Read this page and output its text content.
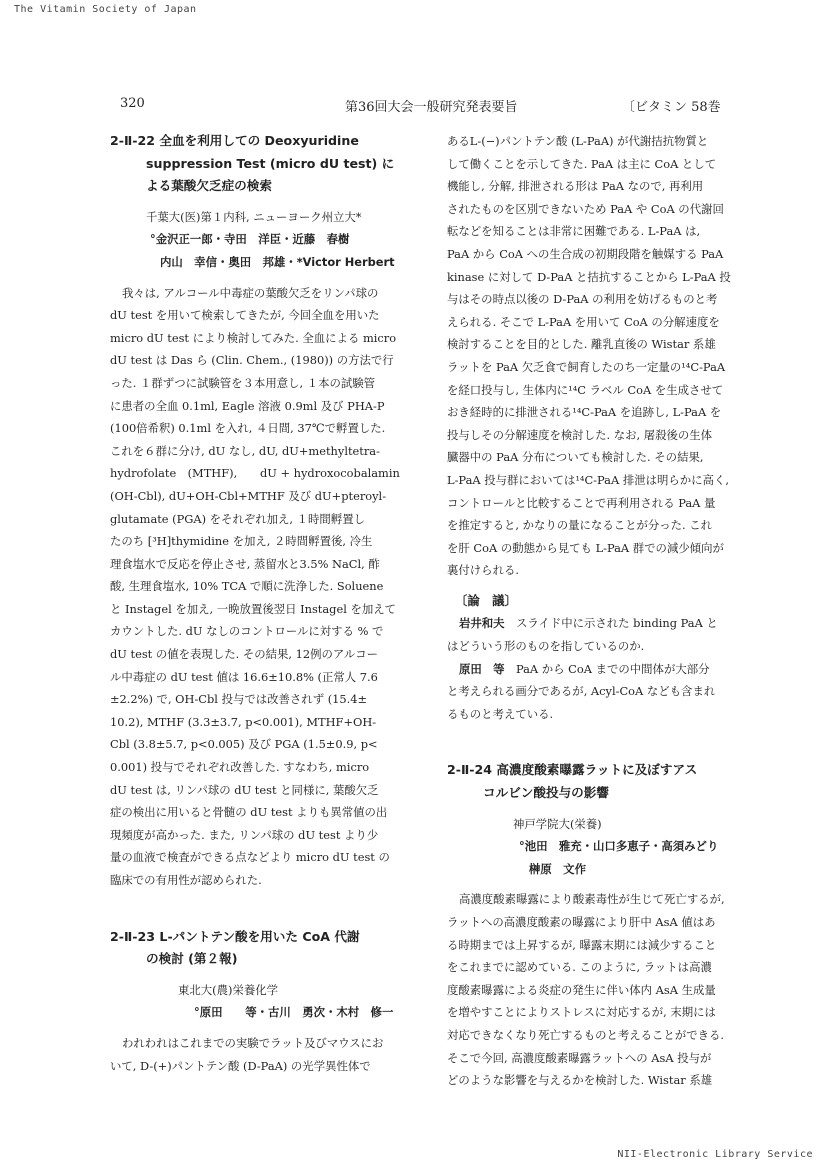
The Vitamin Society of Japan
320	第36回大会一般研究発表要旨	〔ビタミン 58巻
2-Ⅱ-22 全血を利用しての Deoxyuridine
suppression Test (micro dU test) に
よる葉酸欠乏症の検索
千葉大(医)第１内科, ニューヨーク州立大*
°金沢正一郎・寺田　洋臣・近藤　春樹
内山　幸信・奥田　邦雄・*Victor Herbert
我々は, アルコール中毒症の葉酸欠乏をリンパ球の
dU test を用いて検索してきたが, 今回全血を用いた
micro dU test により検討してみた. 全血による micro
dU test は Das ら (Clin. Chem., (1980)) の方法で行
った. １群ずつに試験管を３本用意し, １本の試験管
に患者の全血 0.1ml, Eagle 溶液 0.9ml 及び PHA-P
(100倍希釈) 0.1ml を入れ, ４日間, 37℃で孵置した.
これを６群に分け, dU なし, dU, dU+methyltetra-
hydrofolate　(MTHF),　　dU + hydroxocobalamin
(OH-Cbl), dU+OH-Cbl+MTHF 及び dU+pteroyl-
glutamate (PGA) をそれぞれ加え, １時間孵置し
たのち [³H]thymidine を加え, ２時間孵置後, 冷生
理食塩水で反応を停止させ, 蒸留水と3.5% NaCl, 酢
酸, 生理食塩水, 10% TCA で順に洗浄した. Soluene
と Instagel を加え, 一晩放置後翌日 Instagel を加えて
カウントした. dU なしのコントロールに対する % で
dU test の値を表現した. その結果, 12例のアルコー
ル中毒症の dU test 値は 16.6±10.8% (正常人 7.6
±2.2%) で, OH-Cbl 投与では改善されず (15.4±
10.2), MTHF (3.3±3.7, p<0.001), MTHF+OH-
Cbl (3.8±5.7, p<0.005) 及び PGA (1.5±0.9, p<
0.001) 投与でそれぞれ改善した. すなわち, micro
dU test は, リンパ球の dU test と同様に, 葉酸欠乏
症の検出に用いると骨髄の dU test よりも異常値の出
現頻度が高かった. また, リンパ球の dU test より少
量の血液で検査ができる点などより micro dU test の
臨床での有用性が認められた.
2-Ⅱ-23 L-パントテン酸を用いた CoA 代謝
の検討 (第２報)
東北大(農)栄養化学
°原田　　等・古川　勇次・木村　修一
われわれはこれまでの実験でラット及びマウスにお
いて, D-(+)パントテン酸 (D-PaA) の光学異性体で
あるL-(−)パントテン酸 (L-PaA) が代謝拮抗物質と
して働くことを示してきた. PaA は主に CoA として
機能し, 分解, 排泄される形は PaA なので, 再利用
されたものを区別できないため PaA や CoA の代謝回
転などを知ることは非常に困難である. L-PaA は,
PaA から CoA への生合成の初期段階を触媒する PaA
kinase に対して D-PaA と拮抗することから L-PaA 投
与はその時点以後の D-PaA の利用を妨げるものと考
えられる. そこで L-PaA を用いて CoA の分解速度を
検討することを目的とした. 離乳直後の Wistar 系雄
ラットを PaA 欠乏食で飼育したのち一定量の¹⁴C-PaA
を経口投与し, 生体内に¹⁴C ラベル CoA を生成させて
おき経時的に排泄される¹⁴C-PaA を追跡し, L-PaA を
投与しその分解速度を検討した. なお, 屠殺後の生体
臓器中の PaA 分布についても検討した. その結果,
L-PaA 投与群においては¹⁴C-PaA 排泄は明らかに高く,
コントロールと比較することで再利用される PaA 量
を推定すると, かなりの量になることが分った. これ
を肝 CoA の動態から見ても L-PaA 群での減少傾向が
裏付けられる.
〔論　議〕
岩井和夫　 スライド中に示された binding PaA と
はどういう形のものを指しているのか.
原田　等　 PaA から CoA までの中間体が大部分
と考えられる画分であるが, Acyl-CoA なども含まれ
るものと考えている.
2-Ⅱ-24 高濃度酸素曝露ラットに及ぼすアス
コルビン酸投与の影響
神戸学院大(栄養)
°池田　雅充・山口多恵子・高須みどり
榊原　文作
高濃度酸素曝露により酸素毒性が生じて死亡するが,
ラットへの高濃度酸素の曝露により肝中 AsA 値はあ
る時期までは上昇するが, 曝露末期には減少すること
をこれまでに認めている. このように, ラットは高濃
度酸素曝露による炎症の発生に伴い体内 AsA 生成量
を増やすことによりストレスに対応するが, 末期には
対応できなくなり死亡するものと考えることができる.
そこで今回, 高濃度酸素曝露ラットへの AsA 投与が
どのような影響を与えるかを検討した. Wistar 系雄
NII-Electronic Library Service
